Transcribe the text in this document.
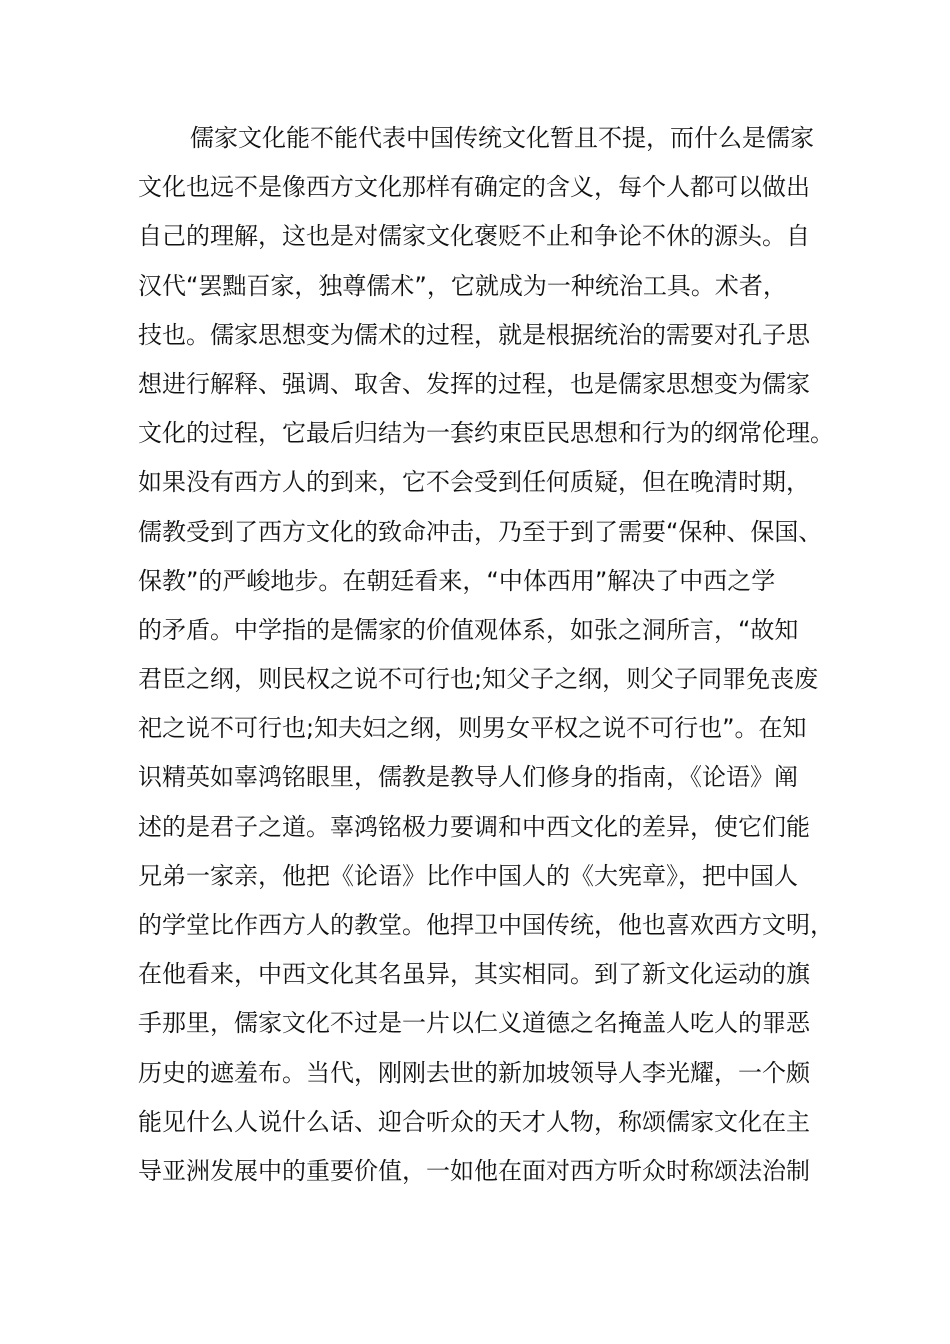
儒家文化能不能代表中国传统文化暂且不提，而什么是儒家
文化也远不是像西方文化那样有确定的含义，每个人都可以做出
自己的理解，这也是对儒家文化褒贬不止和争论不休的源头。自
汉代“罢黜百家，独尊儒术”，它就成为一种统治工具。术者，
技也。儒家思想变为儒术的过程，就是根据统治的需要对孔子思
想进行解释、强调、取舍、发挥的过程，也是儒家思想变为儒家
文化的过程，它最后归结为一套约束臣民思想和行为的纲常伦理。
如果没有西方人的到来，它不会受到任何质疑，但在晚清时期，
儒教受到了西方文化的致命冲击，乃至于到了需要“保种、保国、
保教”的严峻地步。在朝廷看来，“中体西用”解决了中西之学
的矛盾。中学指的是儒家的价值观体系，如张之洞所言，“故知
君臣之纲，则民权之说不可行也;知父子之纲，则父子同罪免丧废
祀之说不可行也;知夫妇之纲，则男女平权之说不可行也”。在知
识精英如辜鸿铭眼里，儒教是教导人们修身的指南，《论语》阐
述的是君子之道。辜鸿铭极力要调和中西文化的差异，使它们能
兄弟一家亲，他把《论语》比作中国人的《大宪章》，把中国人
的学堂比作西方人的教堂。他捍卫中国传统，他也喜欢西方文明，
在他看来，中西文化其名虽异，其实相同。到了新文化运动的旗
手那里，儒家文化不过是一片以仁义道德之名掩盖人吃人的罪恶
历史的遮羞布。当代，刚刚去世的新加坡领导人李光耀，一个颇
能见什么人说什么话、迎合听众的天才人物，称颂儒家文化在主
导亚洲发展中的重要价值，一如他在面对西方听众时称颂法治制
